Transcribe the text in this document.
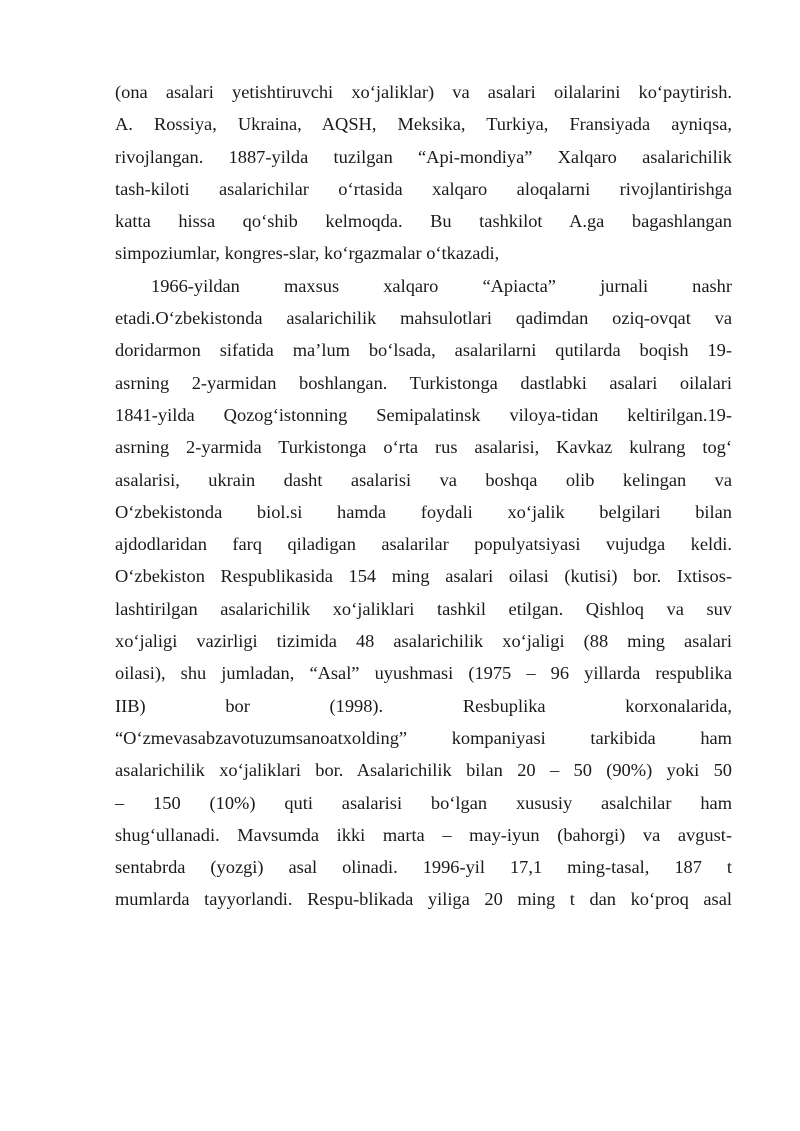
(ona asalari yetishtiruvchi xo‘jaliklar) va asalari oilalarini ko‘paytirish.
A. Rossiya, Ukraina, AQSH, Meksika, Turkiya, Fransiyada ayniqsa,
rivojlangan. 1887-yilda tuzilgan “Api-mondiya” Xalqaro asalarichilik
tash-kiloti asalarichilar o‘rtasida xalqaro aloqalarni rivojlantirishga
katta hissa qo‘shib kelmoqda. Bu tashkilot A.ga bagashlangan
simpoziumlar, kongres-slar, ko‘rgazmalar o‘tkazadi,
1966-yildan maxsus xalqaro “Apiacta” jurnali nashr
etadi.O‘zbekistonda asalarichilik mahsulotlari qadimdan oziq-ovqat va
doridarmon sifatida ma’lum bo‘lsada, asalarilarni qutilarda boqish 19-
asrning 2-yarmidan boshlangan. Turkistonga dastlabki asalari oilalari
1841-yilda Qozog‘istonning Semipalatinsk viloya-tidan keltirilgan.19-
asrning 2-yarmida Turkistonga o‘rta rus asalarisi, Kavkaz kulrang tog‘
asalarisi, ukrain dasht asalarisi va boshqa olib kelingan va
O‘zbekistonda biol.si hamda foydali xo‘jalik belgilari bilan
ajdodlaridan farq qiladigan asalarilar populyatsiyasi vujudga keldi.
O‘zbekiston Respublikasida 154 ming asalari oilasi (kutisi) bor. Ixtisos-
lashtirilgan asalarichilik xo‘jaliklari tashkil etilgan. Qishloq va suv
xo‘jaligi vazirligi tizimida 48 asalarichilik xo‘jaligi (88 ming asalari
oilasi), shu jumladan, “Asal” uyushmasi (1975 – 96 yillarda respublika
IIB) bor (1998). Resbuplika korxonalarida,
“O‘zmevasabzavotuzumsanoatxolding” kompaniyasi tarkibida ham
asalarichilik xo‘jaliklari bor. Asalarichilik bilan 20 – 50 (90%) yoki 50
– 150 (10%) quti asalarisi bo‘lgan xususiy asalchilar ham
shug‘ullanadi. Mavsumda ikki marta – may-iyun (bahorgi) va avgust-
sentabrda (yozgi) asal olinadi. 1996-yil 17,1 ming-tasal, 187 t
mumlarda tayyorlandi. Respu-blikada yiliga 20 ming t dan ko‘proq asal
